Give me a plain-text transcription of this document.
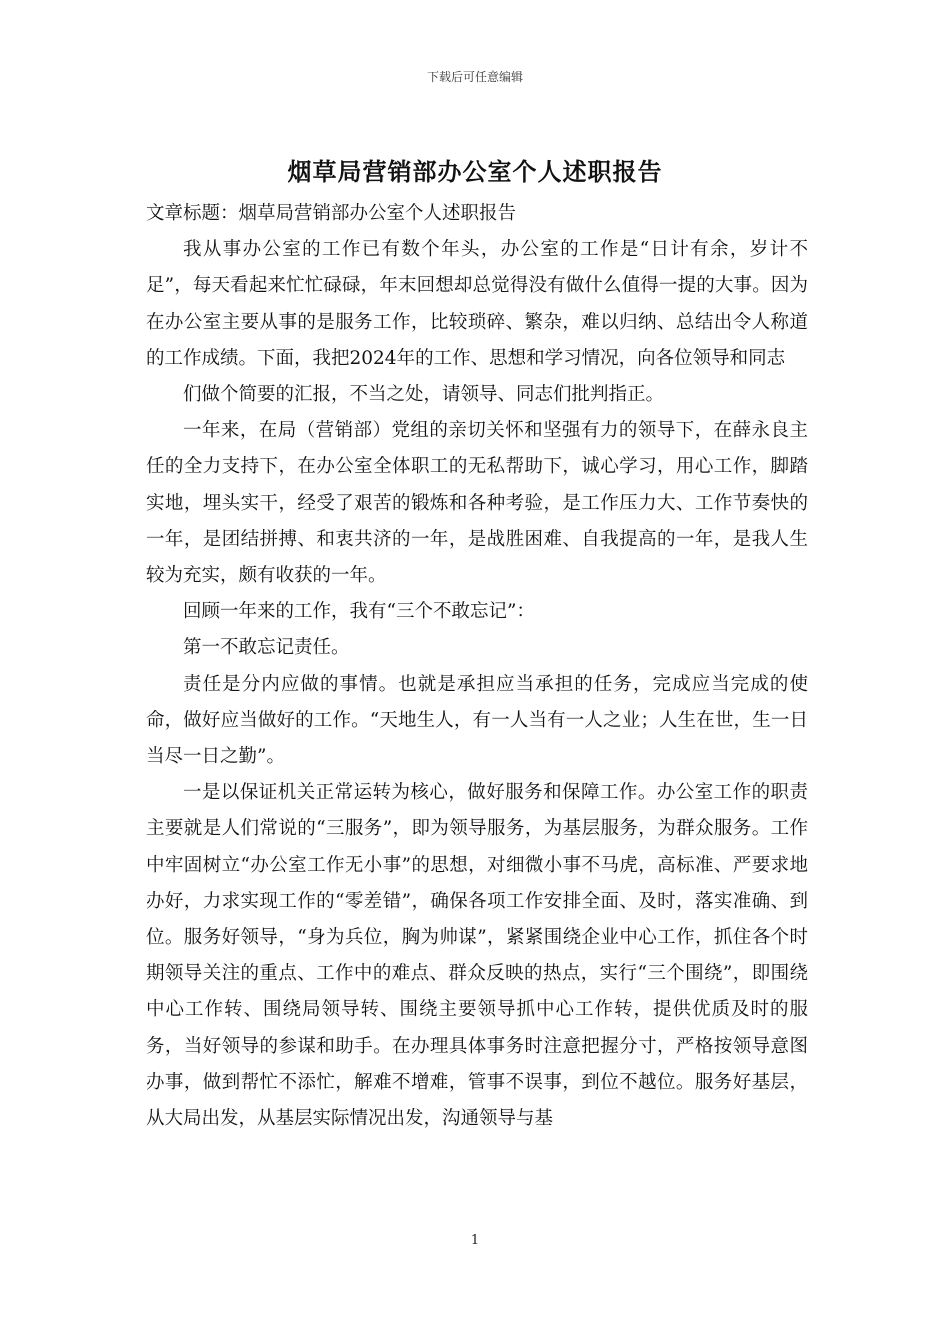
下载后可任意编辑
烟草局营销部办公室个人述职报告

文章标题：烟草局营销部办公室个人述职报告

我从事办公室的工作已有数个年头，办公室的工作是“日计有余，岁计不足”，每天看起来忙忙碌碌，年末回想却总觉得没有做什么值得一提的大事。因为在办公室主要从事的是服务工作，比较琐碎、繁杂，难以归纳、总结出令人称道的工作成绩。下面，我把2024年的工作、思想和学习情况，向各位领导和同志

们做个简要的汇报，不当之处，请领导、同志们批判指正。

一年来，在局（营销部）党组的亲切关怀和坚强有力的领导下，在薛永良主任的全力支持下，在办公室全体职工的无私帮助下，诚心学习，用心工作，脚踏实地，埋头实干，经受了艰苦的锻炼和各种考验，是工作压力大、工作节奏快的一年，是团结拼搏、和衷共济的一年，是战胜困难、自我提高的一年，是我人生较为充实，颇有收获的一年。

回顾一年来的工作，我有“三个不敢忘记”：

第一不敢忘记责任。

责任是分内应做的事情。也就是承担应当承担的任务，完成应当完成的使命，做好应当做好的工作。“天地生人，有一人当有一人之业；人生在世，生一日当尽一日之勤”。

一是以保证机关正常运转为核心，做好服务和保障工作。办公室工作的职责主要就是人们常说的“三服务”，即为领导服务，为基层服务，为群众服务。工作中牢固树立“办公室工作无小事”的思想，对细微小事不马虎，高标准、严要求地办好，力求实现工作的“零差错”，确保各项工作安排全面、及时，落实准确、到位。服务好领导，“身为兵位，胸为帅谋”，紧紧围绕企业中心工作，抓住各个时期领导关注的重点、工作中的难点、群众反映的热点，实行“三个围绕”，即围绕中心工作转、围绕局领导转、围绕主要领导抓中心工作转，提供优质及时的服务，当好领导的参谋和助手。在办理具体事务时注意把握分寸，严格按领导意图办事，做到帮忙不添忙，解难不增难，管事不误事，到位不越位。服务好基层，从大局出发，从基层实际情况出发，沟通领导与基

1
